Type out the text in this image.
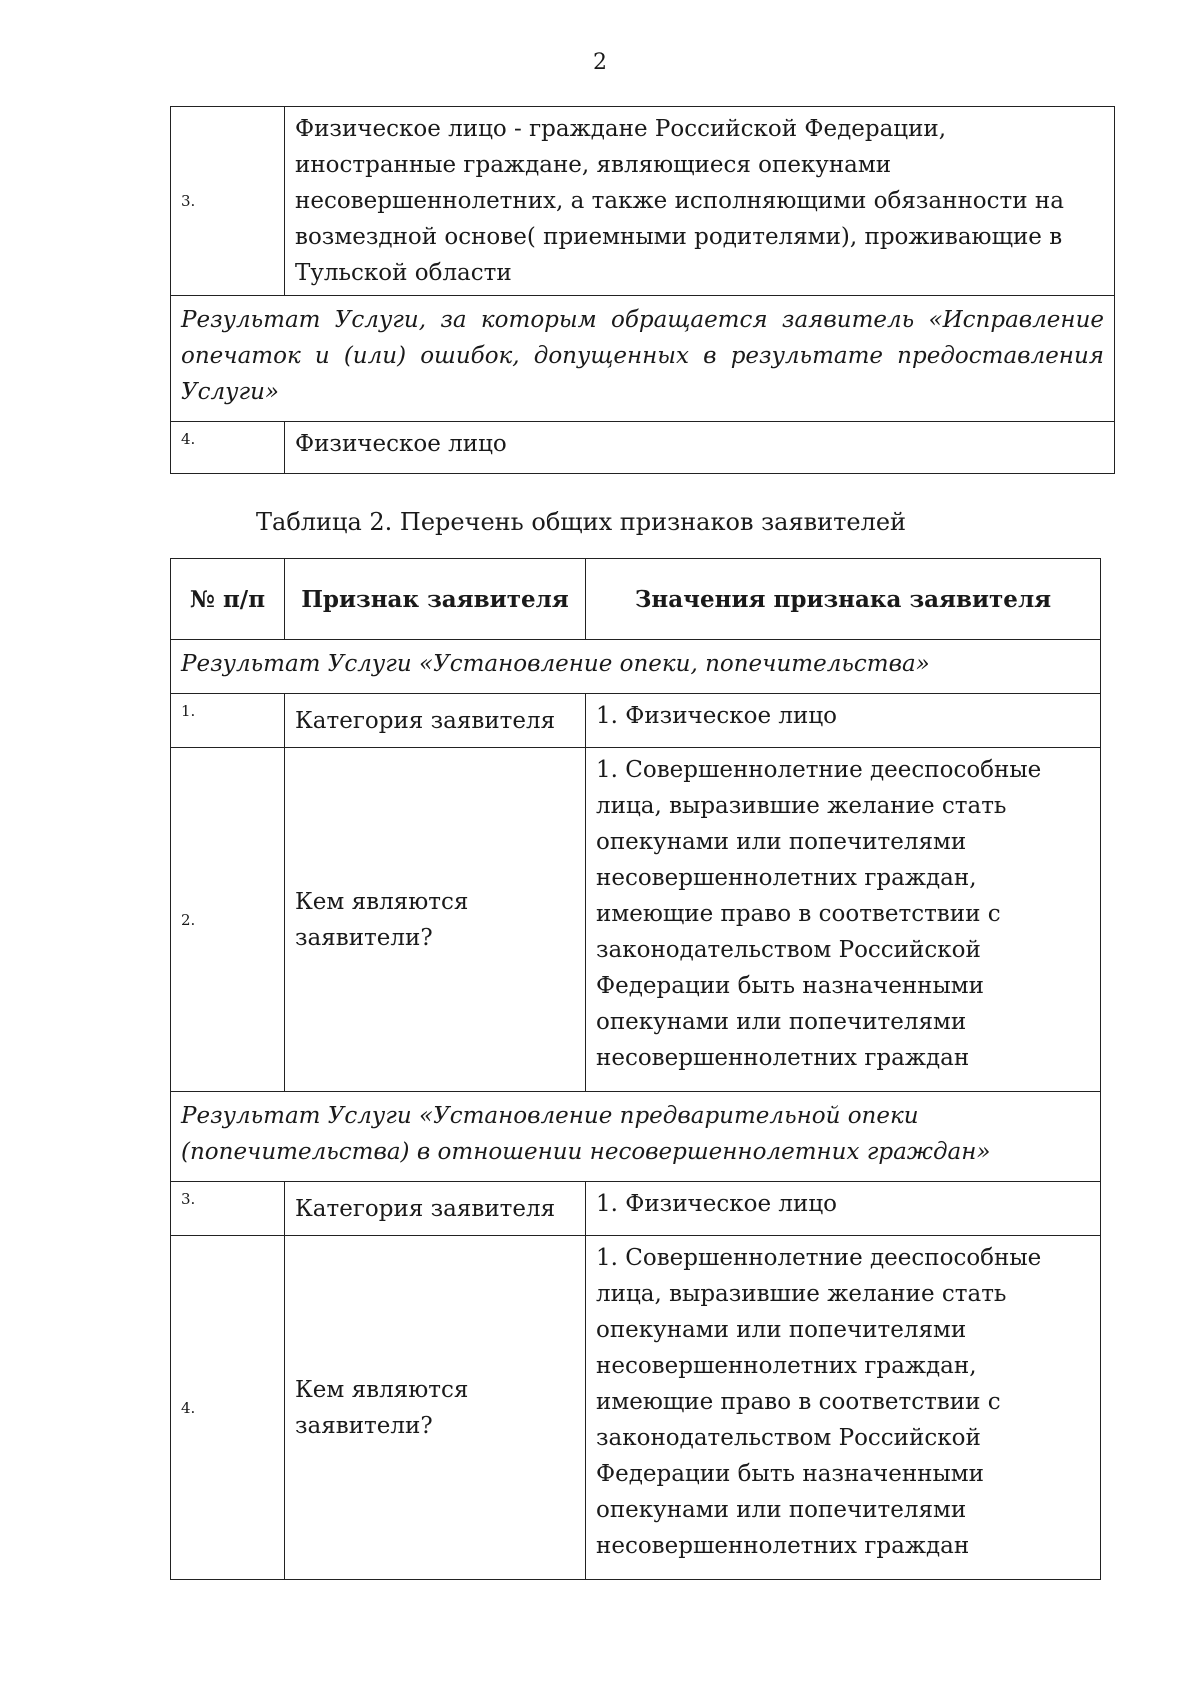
2
3.	Физическое лицо - граждане Российской Федерации, иностранные граждане, являющиеся опекунами несовершеннолетних, а также исполняющими обязанности на возмездной основе( приемными родителями), проживающие в Тульской области
Результат Услуги, за которым обращается заявитель «Исправление опечаток и (или) ошибок, допущенных в результате предоставления Услуги»	
4.	Физическое лицо
Таблица 2. Перечень общих признаков заявителей
№ п/п	Признак заявителя	Значения признака заявителя
Результат Услуги «Установление опеки, попечительства»		
1.	Категория заявителя	1. Физическое лицо
2.	Кем являются заявители?	1. Совершеннолетние дееспособные лица, выразившие желание стать опекунами или попечителями несовершеннолетних граждан, имеющие право в соответствии с законодательством Российской Федерации быть назначенными опекунами или попечителями несовершеннолетних граждан
Результат Услуги «Установление предварительной опеки (попечительства) в отношении несовершеннолетних граждан»		
3.	Категория заявителя	1. Физическое лицо
4.	Кем являются заявители?	1. Совершеннолетние дееспособные лица, выразившие желание стать опекунами или попечителями несовершеннолетних граждан, имеющие право в соответствии с законодательством Российской Федерации быть назначенными опекунами или попечителями несовершеннолетних граждан
